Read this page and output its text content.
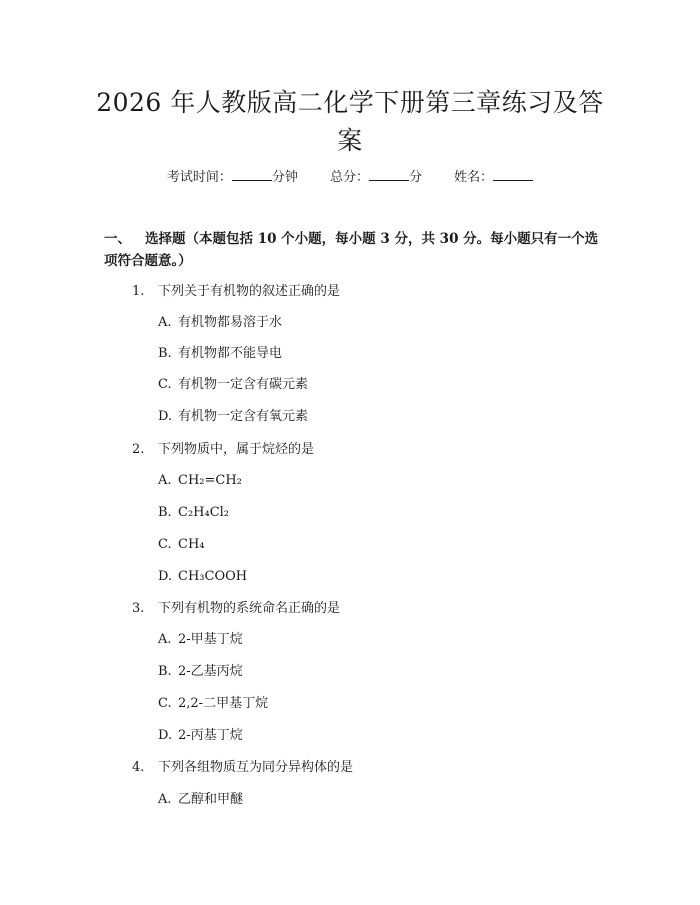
2026 年人教版高二化学下册第三章练习及答案
考试时间：	分钟 总分：	分 姓名：
一、 选择题（本题包括 10 个小题，每小题 3 分，共 30 分。每小题只有一个选项符合题意。）
1. 下列关于有机物的叙述正确的是
A. 有机物都易溶于水
B. 有机物都不能导电
C. 有机物一定含有碳元素
D. 有机物一定含有氧元素
2. 下列物质中，属于烷烃的是
A. CH₂=CH₂
B. C₂H₄Cl₂
C. CH₄
D. CH₃COOH
3. 下列有机物的系统命名正确的是
A. 2-甲基丁烷
B. 2-乙基丙烷
C. 2,2-二甲基丁烷
D. 2-丙基丁烷
4. 下列各组物质互为同分异构体的是
A. 乙醇和甲醚
